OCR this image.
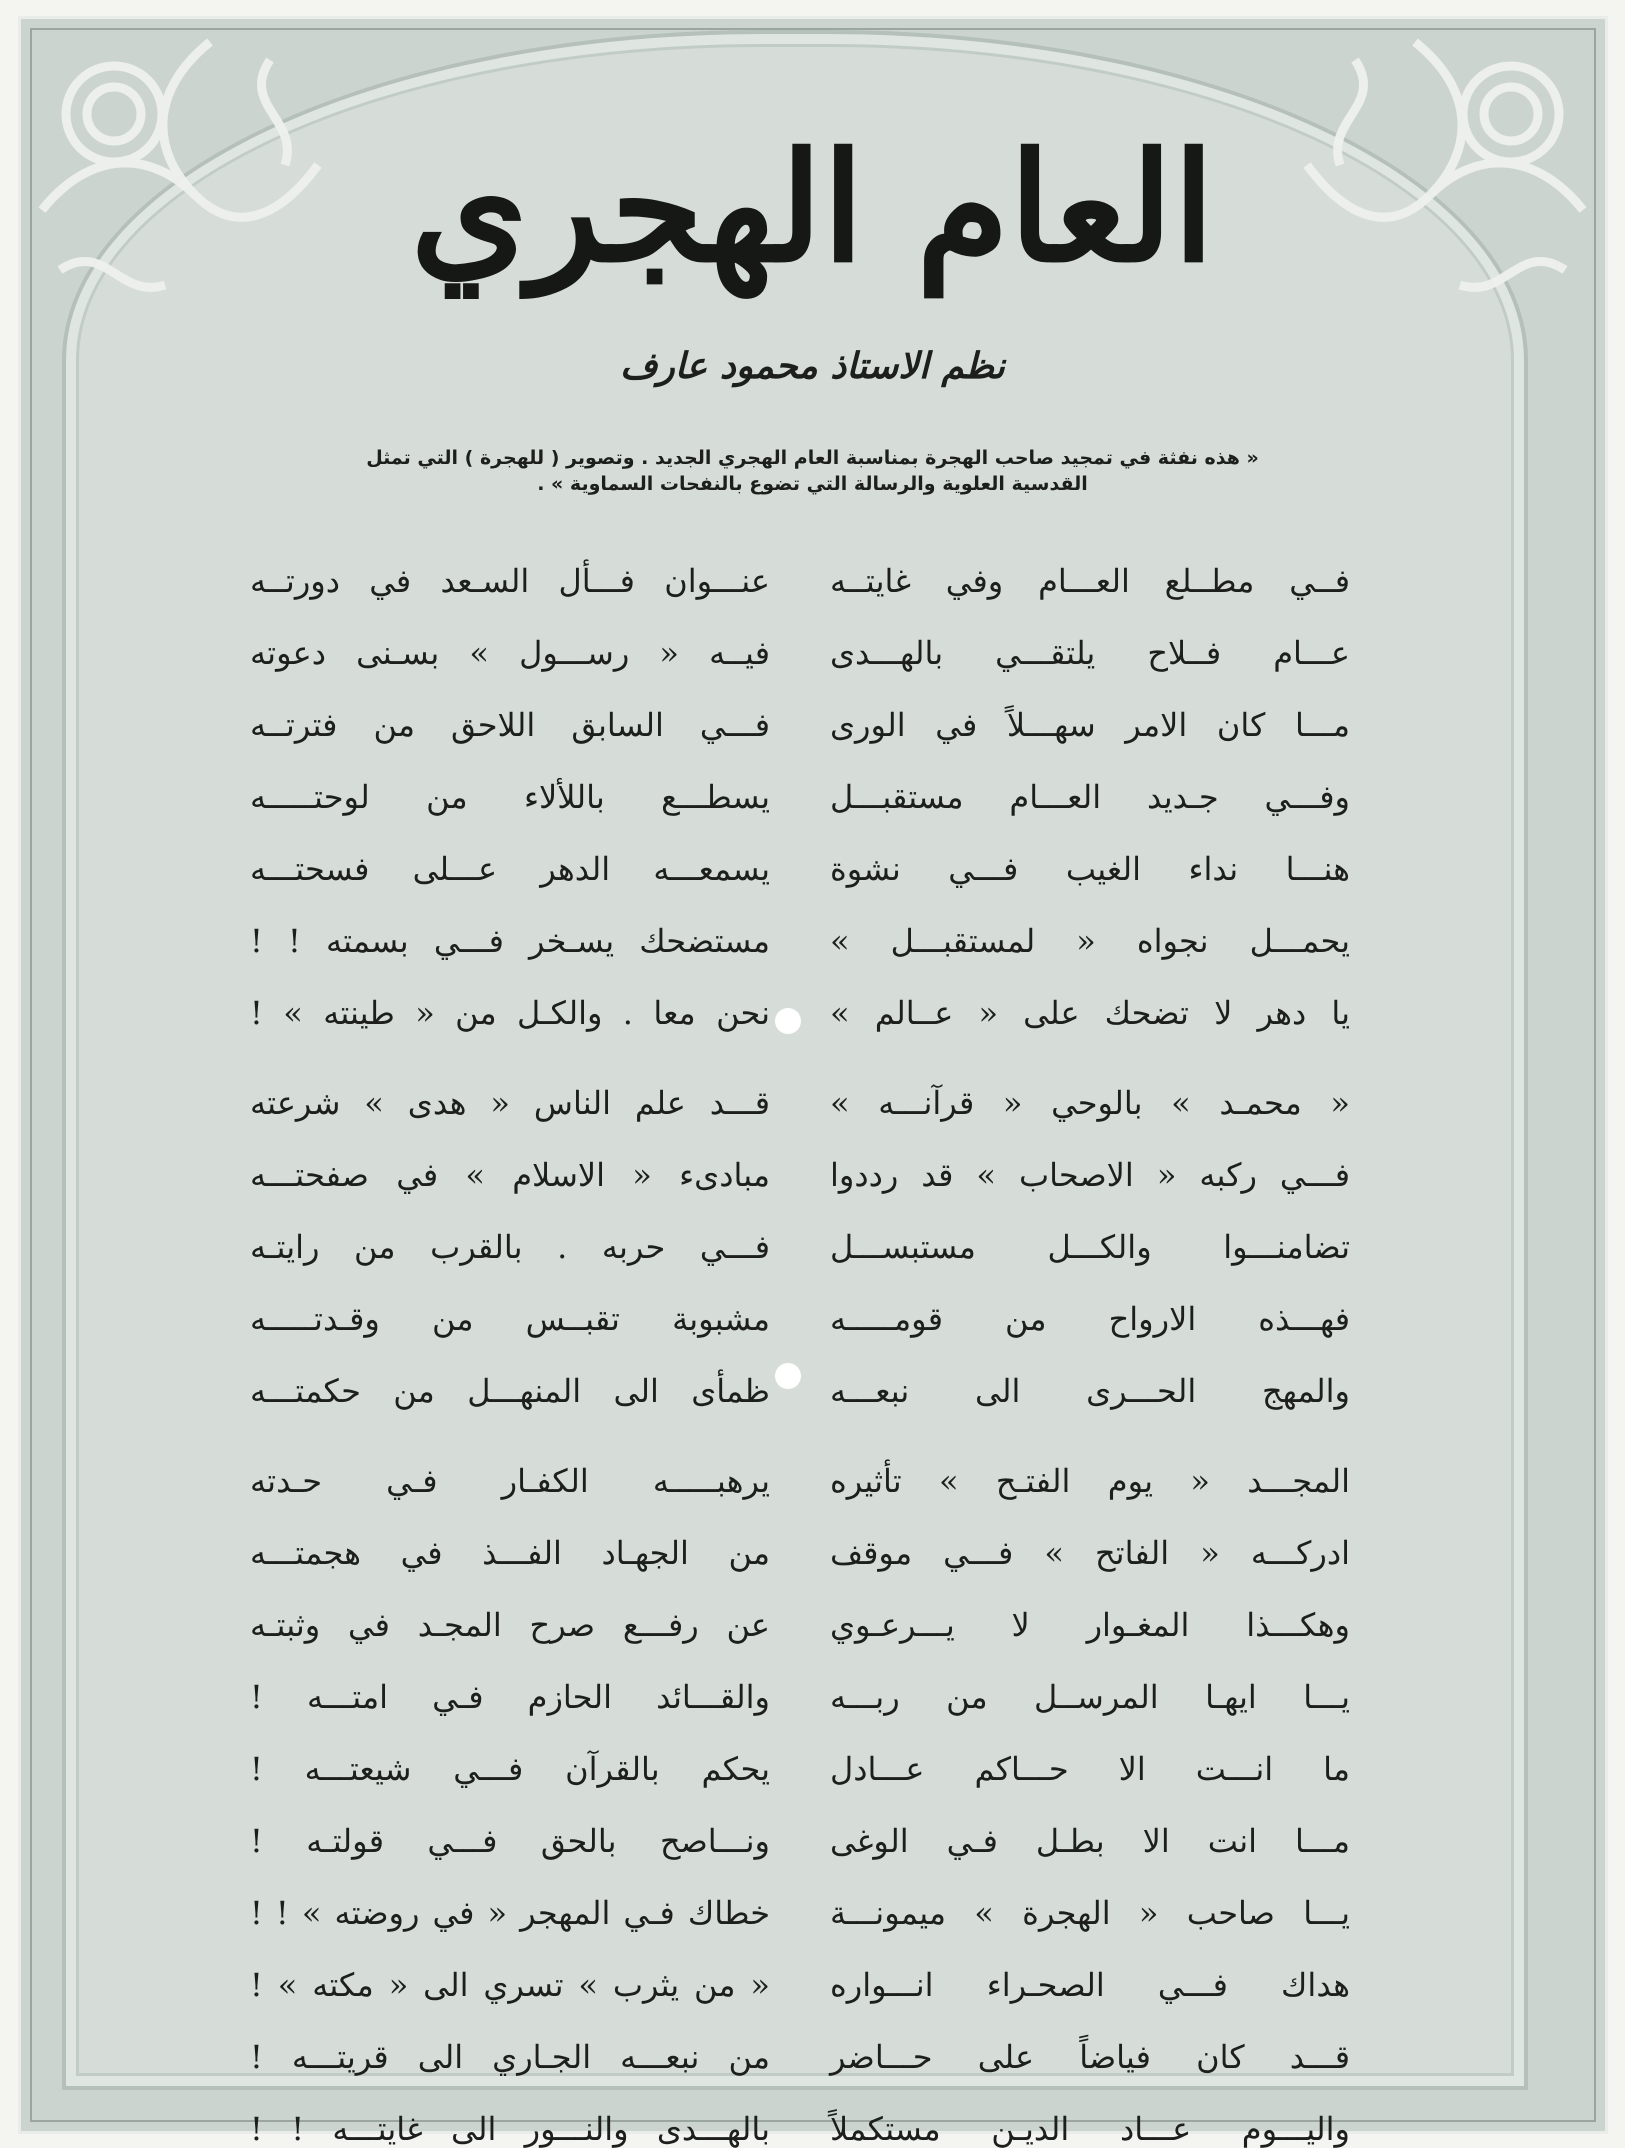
العام الهجري
نظم الاستاذ محمود عارف
« هذه نفثة في تمجيد صاحب الهجرة بمناسبة العام الهجري الجديد . وتصوير ( للهجرة ) التي تمثل القدسية العلوية والرسالة التي تضوع بالنفحات السماوية » .
فــي مطــلع العـــام وفي غايتــه
عنـــوان فـــأل السـعد في دورتــه
عـــام فــلاح يلتقـــي بالهـــدى
فيــه « رســـول » بسـنى دعوته
مـــا كان الامر سهـــلاً في الورى
فـــي السابق اللاحق من فترتــه
وفـــي جـديد العـــام مستقبـــل
يسطـــع باللألاء من لوحتـــــه
هنـــا نداء الغيب فـــي نشوة
يسمعـــه الدهر عـــلى فسحتـــه
يحمـــل نجواه « لمستقبـــل »
مستضحك يسـخر فـــي بسمته ! !
يا دهر لا تضحك على « عــالم »
نحن معا . والكـل من « طينته » !
« محمـد » بالوحي « قرآنـــه »
قـــد علم الناس « هدى » شرعته
فـــي ركبه « الاصحاب » قد رددوا
مبادىء « الاسلام » في صفحتـــه
تضامنـــوا والكـــل مستبســـل
فـــي حربه . بالقرب من رايتـه
فهـــذه الارواح من قومـــــه
مشبوبة تقبــس من وقـدتـــــه
والمهج الحـــرى الى نبعـــه
ظمأى الى المنهـــل من حكمتـــه
المجـــد « يوم الفتـح » تأثيره
يرهبـــــه الكفـار فـي حـدته
ادركـــه « الفاتح » فـــي موقف
من الجهـاد الفـــذ في هجمتـــه
وهكـــذا المغـوار لا يـــرعـوي
عن رفـــع صرح المجـد في وثبتـه
يـــا ايهـا المرســل من ربـــه
والقـــائد الحازم فـي امتـــه !
ما انـــت الا حـــاكم عـــادل
يحكم بالقرآن فـــي شيعتـــه !
مـــا انت الا بطـل فـي الوغى
ونـــاصح بالحق فـــي قولتـه !
يـــا صاحب « الهجرة » ميمونـــة
خطاك فـي المهجر « في روضته » ! !
هداك فـــي الصحـراء انـــواره
« من يثرب » تسري الى « مكته » !
قـــد كان فياضاً على حـــاضر
من نبعـــه الجـاري الى قريتـــه !
واليـــوم عـــاد الديـن مستكملاً
بالهـــدى والنـــور الى غايتـــه ! !
